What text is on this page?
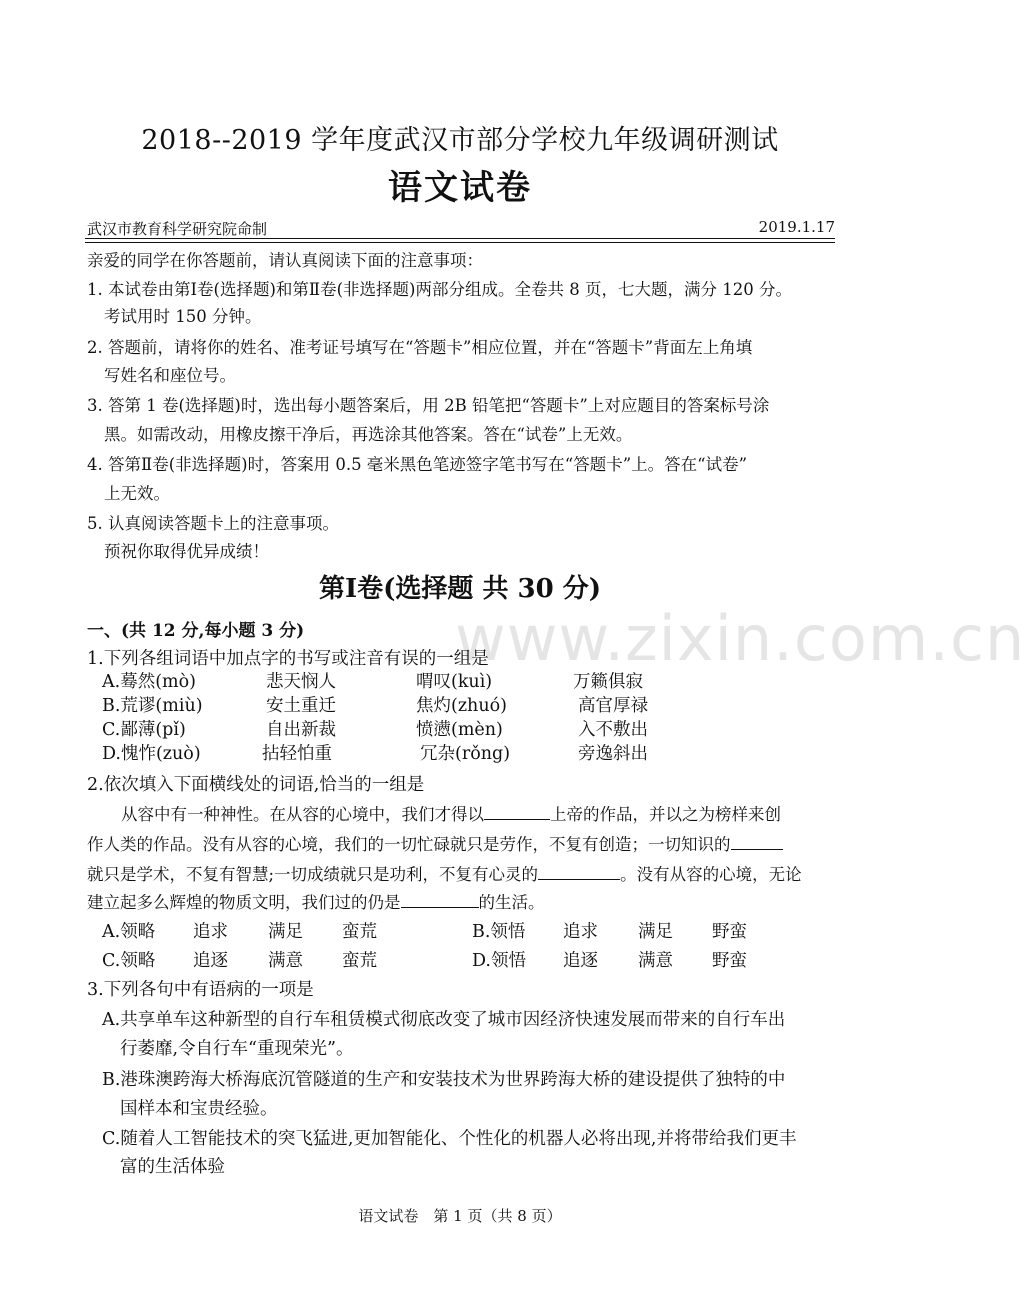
www.zixin.com.cn
2018--2019 学年度武汉市部分学校九年级调研测试
语文试卷
武汉市教育科学研究院命制	2019.1.17
亲爱的同学在你答题前，请认真阅读下面的注意事项：
1. 本试卷由第Ⅰ卷(选择题)和第Ⅱ卷(非选择题)两部分组成。全卷共 8 页，七大题，满分 120 分。
考试用时 150 分钟。
2. 答题前，请将你的姓名、准考证号填写在“答题卡”相应位置，并在“答题卡”背面左上角填
写姓名和座位号。
3. 答第 1 卷(选择题)时，选出每小题答案后，用 2B 铅笔把“答题卡”上对应题目的答案标号涂
黑。如需改动，用橡皮擦干净后，再选涂其他答案。答在“试卷”上无效。
4. 答第Ⅱ卷(非选择题)时，答案用 0.5 毫米黑色笔迹签字笔书写在“答题卡”上。答在“试卷”
上无效。
5. 认真阅读答题卡上的注意事项。
预祝你取得优异成绩！
第Ⅰ卷(选择题 共 30 分)
一、(共 12 分,每小题 3 分)
1.下列各组词语中加点字的书写或注音有误的一组是
A.蓦然(mò)	悲天悯人	喟叹(kuì)	万籁俱寂
B.荒谬(miù)	安土重迁	焦灼(zhuó)	高官厚禄
C.鄙薄(pǐ)	自出新裁	愤懑(mèn)	入不敷出
D.愧怍(zuò)	拈轻怕重	冗杂(rǒng)	旁逸斜出
2.依次填入下面横线处的词语,恰当的一组是
从容中有一种神性。在从容的心境中，我们才得以	上帝的作品，并以之为榜样来创
作人类的作品。没有从容的心境，我们的一切忙碌就只是劳作，不复有创造；一切知识的
就只是学术，不复有智慧;一切成绩就只是功利，不复有心灵的	。没有从容的心境，无论
建立起多么辉煌的物质文明，我们过的仍是	的生活。
A.领略 追求 满足 蛮荒	B.领悟 追求 满足 野蛮
C.领略 追逐 满意 蛮荒	D.领悟 追逐 满意 野蛮
3.下列各句中有语病的一项是
A.共享单车这种新型的自行车租赁模式彻底改变了城市因经济快速发展而带来的自行车出
行萎靡,令自行车“重现荣光”。
B.港珠澳跨海大桥海底沉管隧道的生产和安装技术为世界跨海大桥的建设提供了独特的中
国样本和宝贵经验。
C.随着人工智能技术的突飞猛进,更加智能化、个性化的机器人必将出现,并将带给我们更丰
富的生活体验
语文试卷　第 1 页（共 8 页）
